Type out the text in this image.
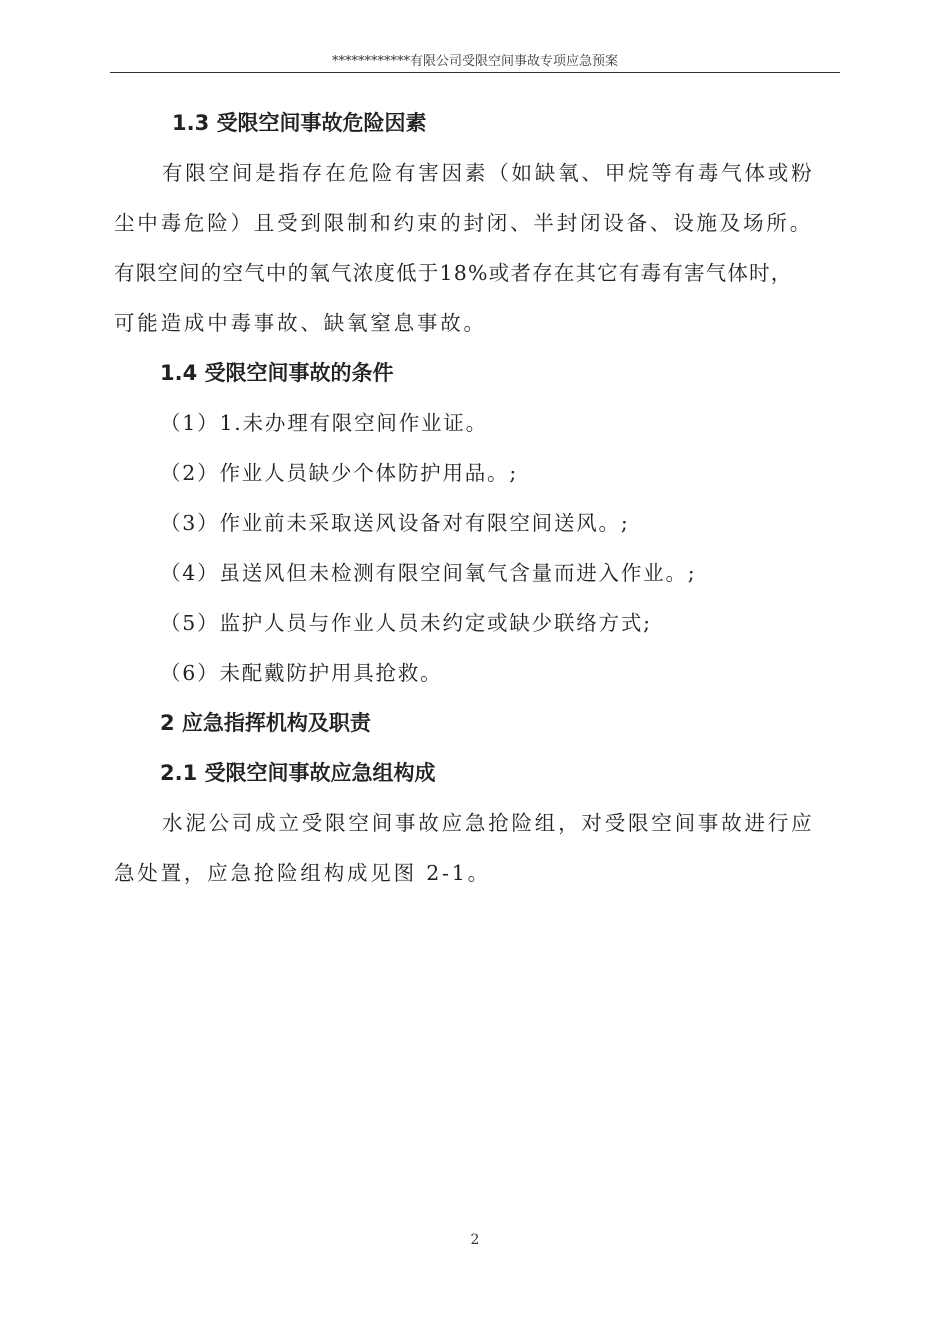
************有限公司受限空间事故专项应急预案
1.3 受限空间事故危险因素
有限空间是指存在危险有害因素（如缺氧、甲烷等有毒气体或粉
尘中毒危险）且受到限制和约束的封闭、半封闭设备、设施及场所。
有限空间的空气中的氧气浓度低于18%或者存在其它有毒有害气体时，
可能造成中毒事故、缺氧窒息事故。
1.4 受限空间事故的条件
（1）1.未办理有限空间作业证。
（2）作业人员缺少个体防护用品。;
（3）作业前未采取送风设备对有限空间送风。;
（4）虽送风但未检测有限空间氧气含量而进入作业。;
（5）监护人员与作业人员未约定或缺少联络方式;
（6）未配戴防护用具抢救。
2 应急指挥机构及职责
2.1 受限空间事故应急组构成
水泥公司成立受限空间事故应急抢险组，对受限空间事故进行应
急处置，应急抢险组构成见图 2-1。
2
